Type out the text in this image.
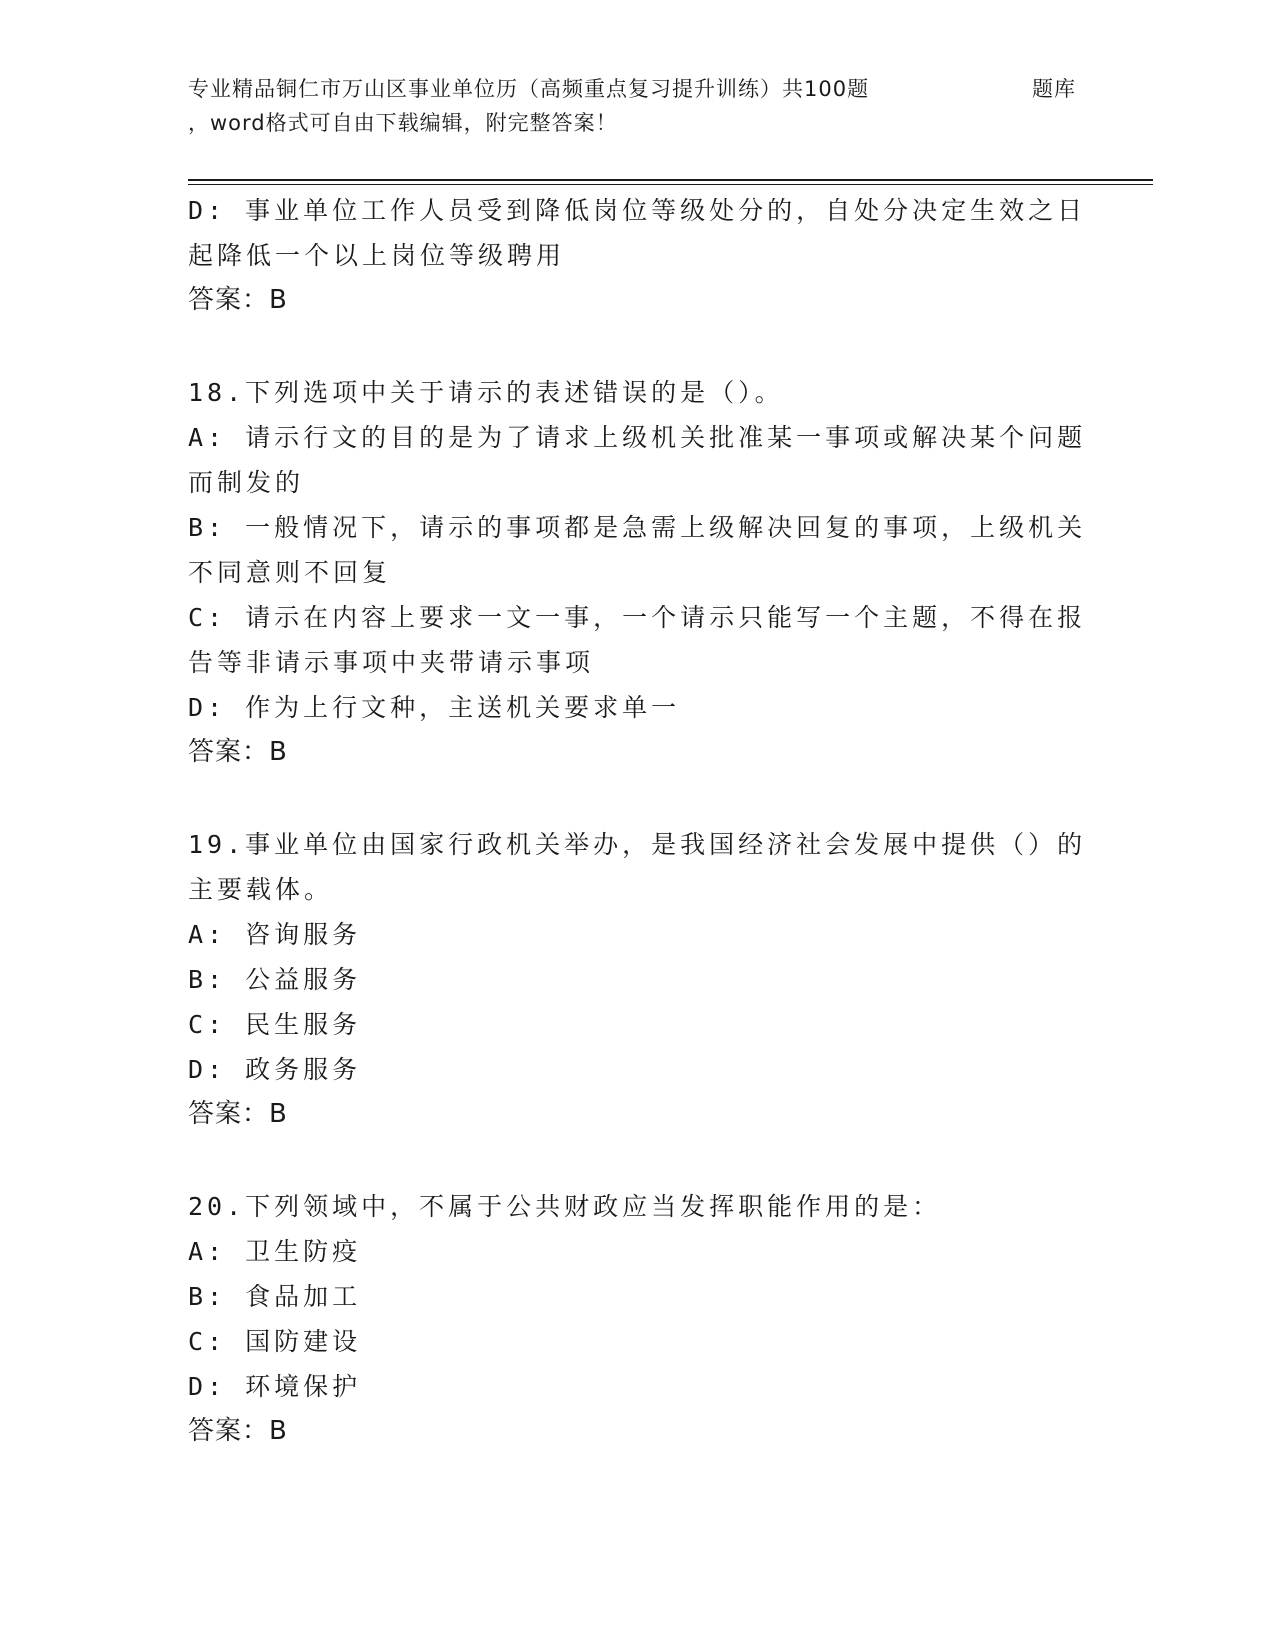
专业精品铜仁市万山区事业单位历（高频重点复习提升训练）共100题	题库
，word格式可自由下载编辑，附完整答案！
D: 事业单位工作人员受到降低岗位等级处分的，自处分决定生效之日
起降低一个以上岗位等级聘用
答案：B
18.下列选项中关于请示的表述错误的是（）。
A: 请示行文的目的是为了请求上级机关批准某一事项或解决某个问题
而制发的
B: 一般情况下，请示的事项都是急需上级解决回复的事项，上级机关
不同意则不回复
C: 请示在内容上要求一文一事，一个请示只能写一个主题，不得在报
告等非请示事项中夹带请示事项
D: 作为上行文种，主送机关要求单一
答案：B
19.事业单位由国家行政机关举办，是我国经济社会发展中提供（）的
主要载体。
A: 咨询服务
B: 公益服务
C: 民生服务
D: 政务服务
答案：B
20.下列领域中，不属于公共财政应当发挥职能作用的是：
A: 卫生防疫
B: 食品加工
C: 国防建设
D: 环境保护
答案：B
